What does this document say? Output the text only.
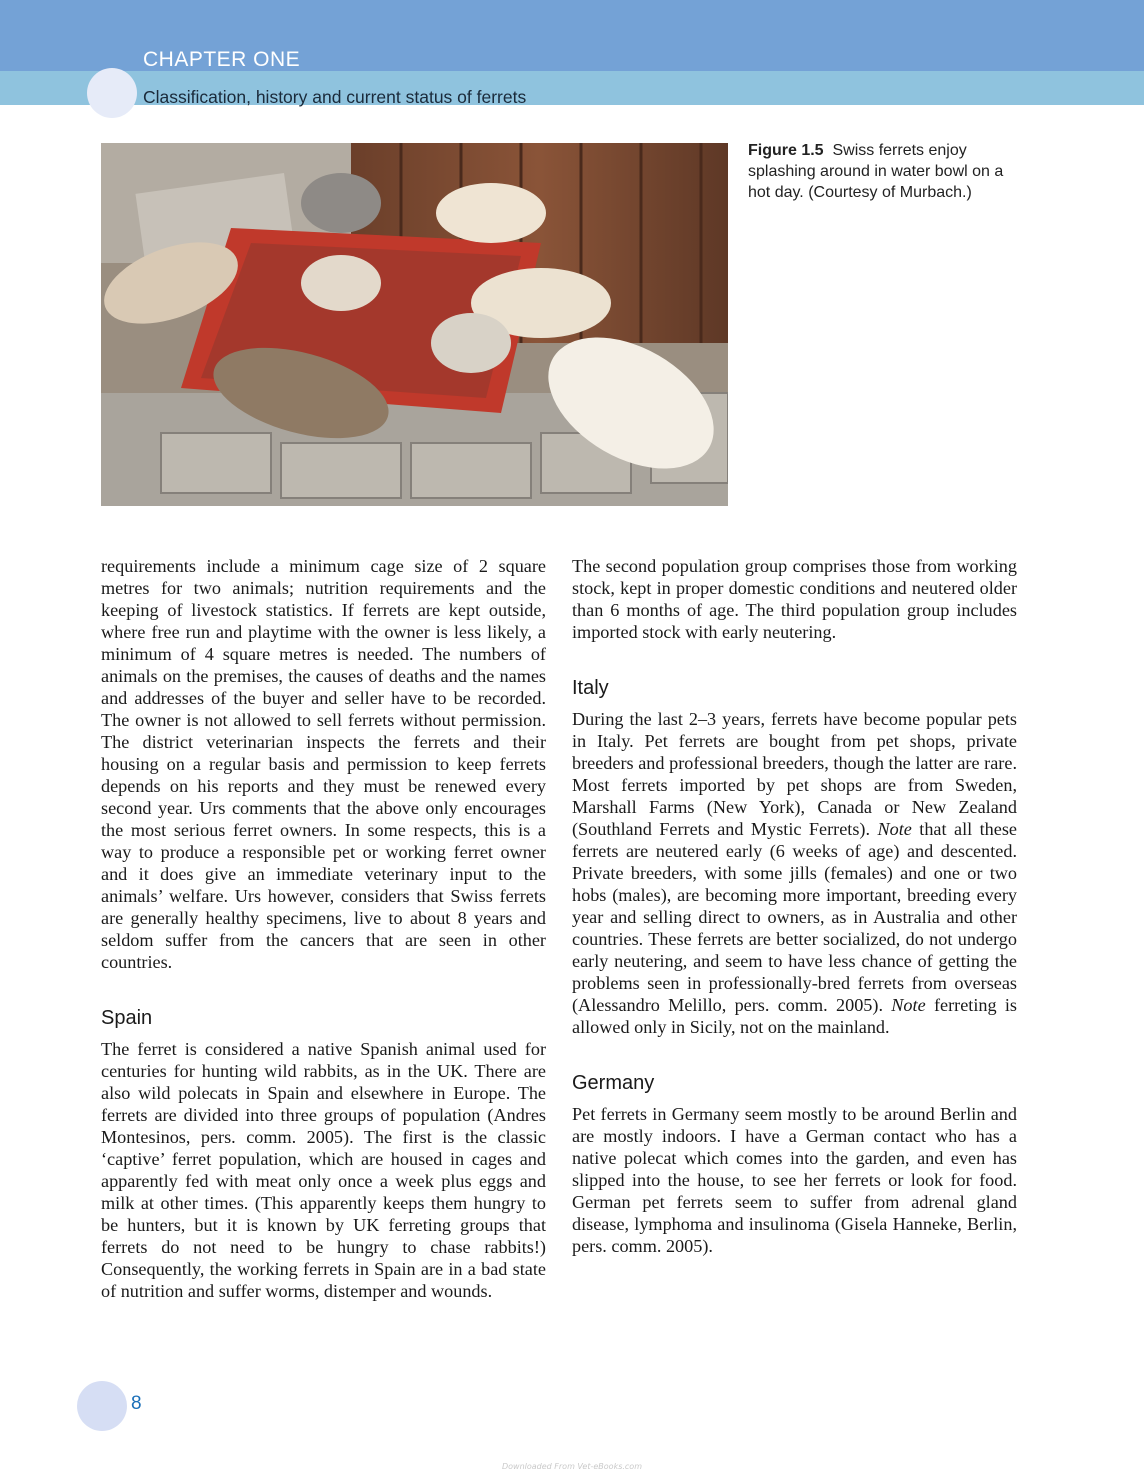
CHAPTER ONE
Classification, history and current status of ferrets
Figure 1.5 Swiss ferrets enjoy splashing around in water bowl on a hot day. (Courtesy of Murbach.)

requirements include a minimum cage size of 2 square metres for two animals; nutrition requirements and the keeping of livestock statistics. If ferrets are kept outside, where free run and playtime with the owner is less likely, a minimum of 4 square metres is needed. The numbers of animals on the premises, the causes of deaths and the names and addresses of the buyer and seller have to be recorded. The owner is not allowed to sell ferrets without permission. The district veterinarian inspects the ferrets and their housing on a regular basis and permission to keep ferrets depends on his reports and they must be renewed every second year. Urs comments that the above only encourages the most serious ferret owners. In some respects, this is a way to produce a responsible pet or working ferret owner and it does give an immediate veterinary input to the animals’ welfare. Urs however, considers that Swiss ferrets are generally healthy specimens, live to about 8 years and seldom suffer from the cancers that are seen in other countries.

Spain

The ferret is considered a native Spanish animal used for centuries for hunting wild rabbits, as in the UK. There are also wild polecats in Spain and elsewhere in Europe. The ferrets are divided into three groups of population (Andres Montesinos, pers. comm. 2005). The first is the classic ‘captive’ ferret population, which are housed in cages and apparently fed with meat only once a week plus eggs and milk at other times. (This apparently keeps them hungry to be hunters, but it is known by UK ferreting groups that ferrets do not need to be hungry to chase rabbits!) Consequently, the working ferrets in Spain are in a bad state of nutrition and suffer worms, distemper and wounds.

The second population group comprises those from working stock, kept in proper domestic conditions and neutered older than 6 months of age. The third population group includes imported stock with early neutering.

Italy

During the last 2–3 years, ferrets have become popular pets in Italy. Pet ferrets are bought from pet shops, private breeders and professional breeders, though the latter are rare. Most ferrets imported by pet shops are from Sweden, Marshall Farms (New York), Canada or New Zealand (Southland Ferrets and Mystic Ferrets). Note that all these ferrets are neutered early (6 weeks of age) and descented. Private breeders, with some jills (females) and one or two hobs (males), are becoming more important, breeding every year and selling direct to owners, as in Australia and other countries. These ferrets are better socialized, do not undergo early neutering, and seem to have less chance of getting the problems seen in professionally-bred ferrets from overseas (Alessandro Melillo, pers. comm. 2005). Note ferreting is allowed only in Sicily, not on the mainland.

Germany

Pet ferrets in Germany seem mostly to be around Berlin and are mostly indoors. I have a German contact who has a native polecat which comes into the garden, and even has slipped into the house, to see her ferrets or look for food. German pet ferrets seem to suffer from adrenal gland disease, lymphoma and insulinoma (Gisela Hanneke, Berlin, pers. comm. 2005).

8
Downloaded From Vet-eBooks.com
